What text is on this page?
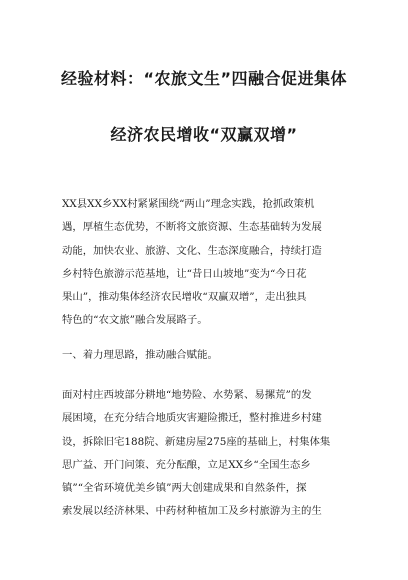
经验材料：“农旅文生”四融合促进集体
经济农民增收“双赢双增”
XX县XX乡XX村紧紧围绕“两山”理念实践，抢抓政策机
遇，厚植生态优势，不断将文旅资源、生态基础转为发展
动能，加快农业、旅游、文化、生态深度融合，持续打造
乡村特色旅游示范基地，让“昔日山坡地”变为“今日花
果山”，推动集体经济农民增收“双赢双增”，走出独具
特色的“农文旅”融合发展路子。
一、着力理思路，推动融合赋能。
面对村庄西坡部分耕地“地势险、水势紧、易摞荒”的发
展困境，在充分结合地质灾害避险搬迁，整村推进乡村建
设，拆除旧宅188院、新建房屋275座的基础上，村集体集
思广益、开门问策、充分酝酿，立足XX乡“全国生态乡
镇”“全省环境优美乡镇”两大创建成果和自然条件，探
索发展以经济林果、中药材种植加工及乡村旅游为主的生
